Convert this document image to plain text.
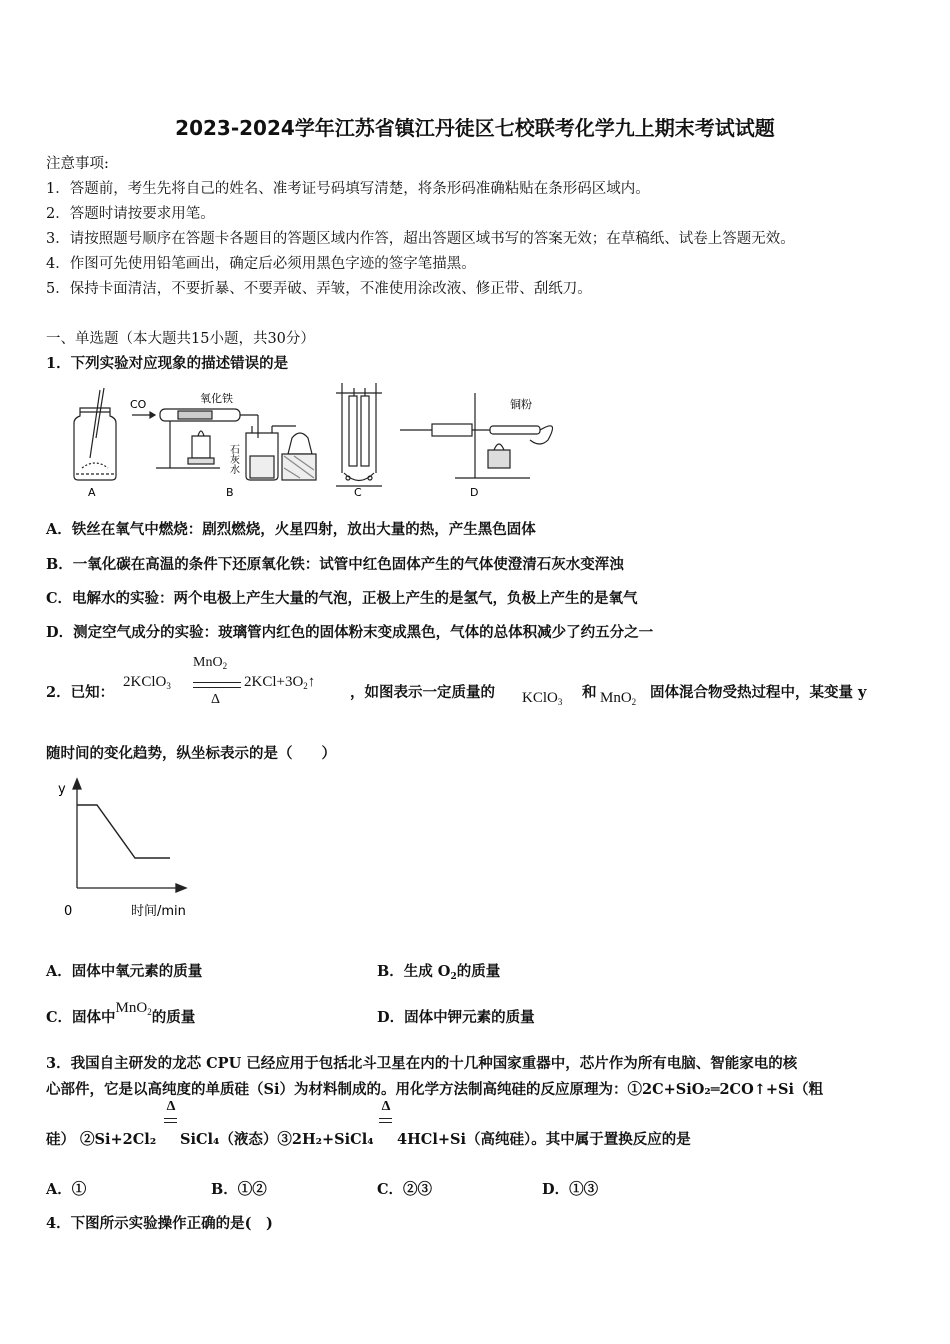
2023-2024学年江苏省镇江丹徒区七校联考化学九上期末考试试题
注意事项:
1．答题前，考生先将自己的姓名、准考证号码填写清楚，将条形码准确粘贴在条形码区域内。
2．答题时请按要求用笔。
3．请按照题号顺序在答题卡各题目的答题区域内作答，超出答题区域书写的答案无效；在草稿纸、试卷上答题无效。
4．作图可先使用铅笔画出，确定后必须用黑色字迹的签字笔描黑。
5．保持卡面清洁，不要折暴、不要弄破、弄皱，不准使用涂改液、修正带、刮纸刀。
一、单选题（本大题共15小题，共30分）
1．下列实验对应现象的描述错误的是
CO	氧化铁
石灰水
铜粉
A	B	C	D
A．铁丝在氧气中燃烧：剧烈燃烧，火星四射，放出大量的热，产生黑色固体
B．一氧化碳在高温的条件下还原氧化铁：试管中红色固体产生的气体使澄清石灰水变浑浊
C．电解水的实验：两个电极上产生大量的气泡，正极上产生的是氢气，负极上产生的是氧气
D．测定空气成分的实验：玻璃管内红色的固体粉末变成黑色，气体的总体积减少了约五分之一
2．已知：
2KClO$_3$
MnO$_2$
Δ
$2KCl+3O_2↑$
，如图表示一定质量的 KClO$_3$
和 MnO$_2$
固体混合物受热过程中，某变量 y
随时间的变化趋势，纵坐标表示的是（　　）
y
0	时间/min
A．固体中氧元素的质量	B．生成 $O_2$的质量
C．固体中MnO$_2$的质量	D．固体中钾元素的质量
3．我国自主研发的龙芯 CPU 已经应用于包括北斗卫星在内的十几种国家重器中，芯片作为所有电脑、智能家电的核
心部件，它是以高纯度的单质硅（Si）为材料制成的。用化学方法制高纯硅的反应原理为：①2C+SiO₂═2CO↑+Si（粗
Δ	Δ
硅） ②Si+2Cl₂ SiCl₄（液态）③2H₂+SiCl₄ 4HCl+Si（高纯硅）。其中属于置换反应的是
A．①	B．①②	C．②③	D．①③
4．下图所示实验操作正确的是(　)
